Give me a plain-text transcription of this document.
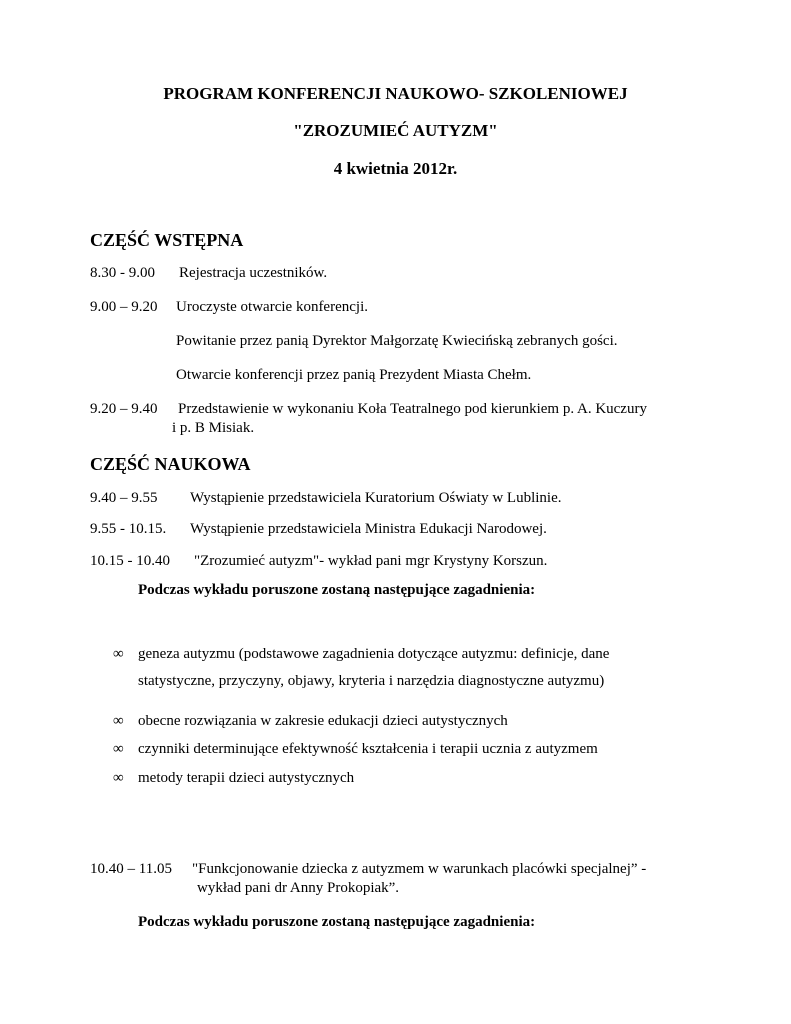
PROGRAM KONFERENCJI NAUKOWO- SZKOLENIOWEJ
"ZROZUMIEĆ AUTYZM"
4 kwietnia 2012r.
CZĘŚĆ WSTĘPNA
8.30 - 9.00 Rejestracja uczestników.
9.00 – 9.20 Uroczyste otwarcie konferencji.
Powitanie przez panią Dyrektor Małgorzatę Kwiecińską zebranych gości.
Otwarcie konferencji przez panią Prezydent Miasta Chełm.
9.20 – 9.40 Przedstawienie w wykonaniu Koła Teatralnego pod kierunkiem p. A. Kuczury
i p. B Misiak.
CZĘŚĆ NAUKOWA
9.40 – 9.55 Wystąpienie przedstawiciela Kuratorium Oświaty w Lublinie.
9.55 - 10.15. Wystąpienie przedstawiciela Ministra Edukacji Narodowej.
10.15 - 10.40 "Zrozumieć autyzm"- wykład pani mgr Krystyny Korszun.
Podczas wykładu poruszone zostaną następujące zagadnienia:
∞ geneza autyzmu (podstawowe zagadnienia dotyczące autyzmu: definicje, dane
statystyczne, przyczyny, objawy, kryteria i narzędzia diagnostyczne autyzmu)
∞ obecne rozwiązania w zakresie edukacji dzieci autystycznych
∞ czynniki determinujące efektywność kształcenia i terapii ucznia z autyzmem
∞ metody terapii dzieci autystycznych
10.40 – 11.05 "Funkcjonowanie dziecka z autyzmem w warunkach placówki specjalnej” -
wykład pani dr Anny Prokopiak”.
Podczas wykładu poruszone zostaną następujące zagadnienia:
